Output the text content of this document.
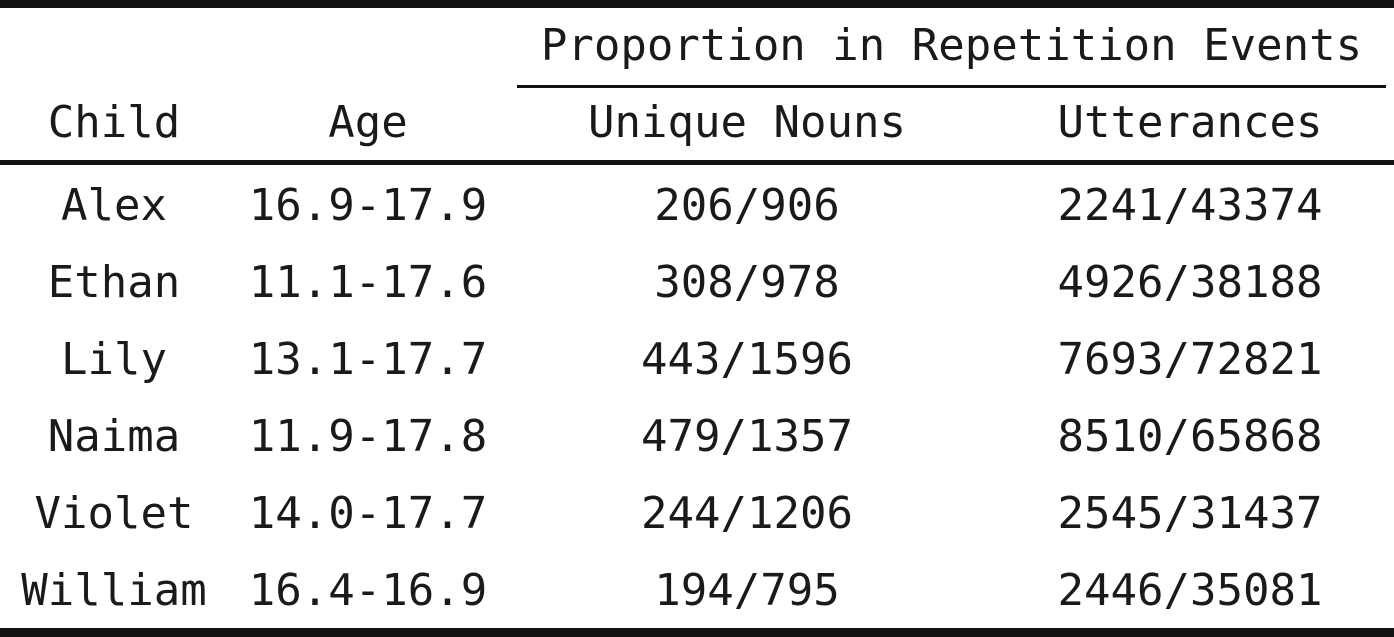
Proportion in Repetition Events
Child	Age	Unique Nouns	Utterances
Alex	16.9-17.9	206/906	2241/43374
Ethan	11.1-17.6	308/978	4926/38188
Lily	13.1-17.7	443/1596	7693/72821
Naima	11.9-17.8	479/1357	8510/65868
Violet	14.0-17.7	244/1206	2545/31437
William 16.4-16.9	194/795	2446/35081
